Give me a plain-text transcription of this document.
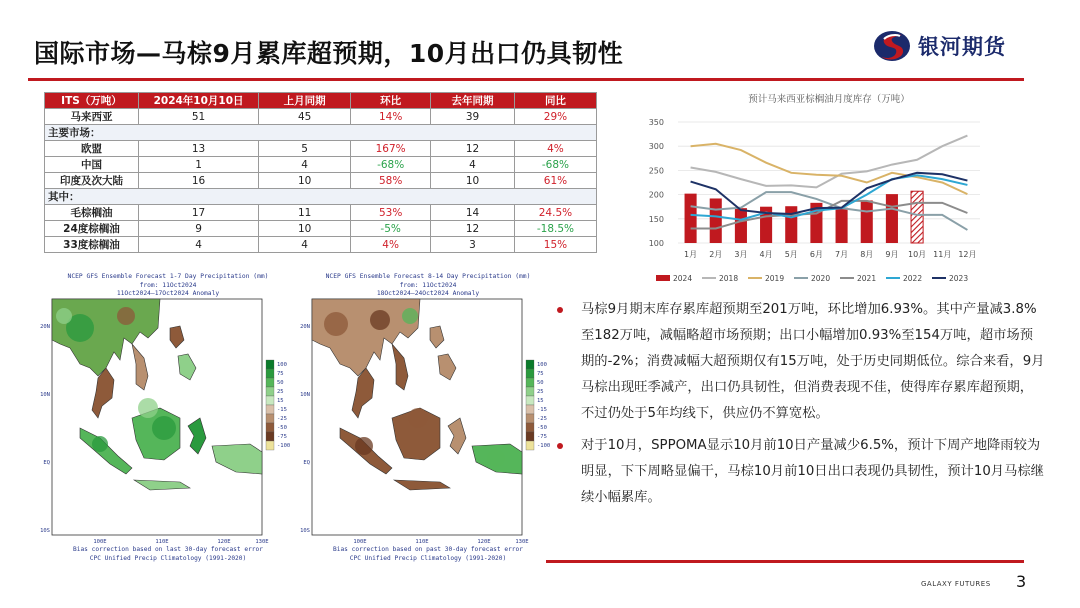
国际市场—马棕9月累库超预期，10月出口仍具韧性	银河期货
ITS（万吨）	2024年10月10日	上月同期	环比	去年同期	同比
马来西亚	51	45	14%	39	29%
主要市场：					
欧盟	13	5	167%	12	4%
中国	1	4	-68%	4	-68%
印度及次大陆	16	10	58%	10	61%
其中：					
毛棕榈油	17	11	53%	14	24.5%
24度棕榈油	9	10	-5%	12	-18.5%
33度棕榈油	4	4	4%	3	15%
预计马来西亚棕榈油月度库存（万吨）
100
150
200
250
300
350
1月 2月 3月 4月 5月 6月 7月 8月 9月 10月 11月 12月
2024	2018	2019	2020	2021	2022	2023
NCEP GFS Ensemble Forecast 1-7 Day Precipitation (mm)
from: 11Oct2024
11Oct2024—17Oct2024 Anomaly
20N
10N
EQ
10S
100E	110E	120E	130E
100
75
50
25
15
-15
-25
-50
-75
-100
Bias correction based on last 30-day forecast error
CPC Unified Precip Climatology (1991-2020)
NCEP GFS Ensemble Forecast 8-14 Day Precipitation (mm)
from: 11Oct2024
18Oct2024—24Oct2024 Anomaly
20N
10N
EQ
10S
100E	110E	120E	130E
100
75
50
25
15
-15
-25
-50
-75
-100
Bias correction based on past 30-day forecast error
CPC Unified Precip Climatology (1991-2020)
马棕9月期末库存累库超预期至201万吨，环比增加6.93%。其中产量减3.8%至182万吨，减幅略超市场预期；出口小幅增加0.93%至154万吨，超市场预期的-2%；消费减幅大超预期仅有15万吨，处于历史同期低位。综合来看，9月马棕出现旺季减产，出口仍具韧性，但消费表现不佳，使得库存累库超预期，不过仍处于5年均线下，供应仍不算宽松。
对于10月，SPPOMA显示10月前10日产量减少6.5%，预计下周产地降雨较为明显，下下周略显偏干，马棕10月前10日出口表现仍具韧性，预计10月马棕继续小幅累库。
GALAXY FUTURES 3
